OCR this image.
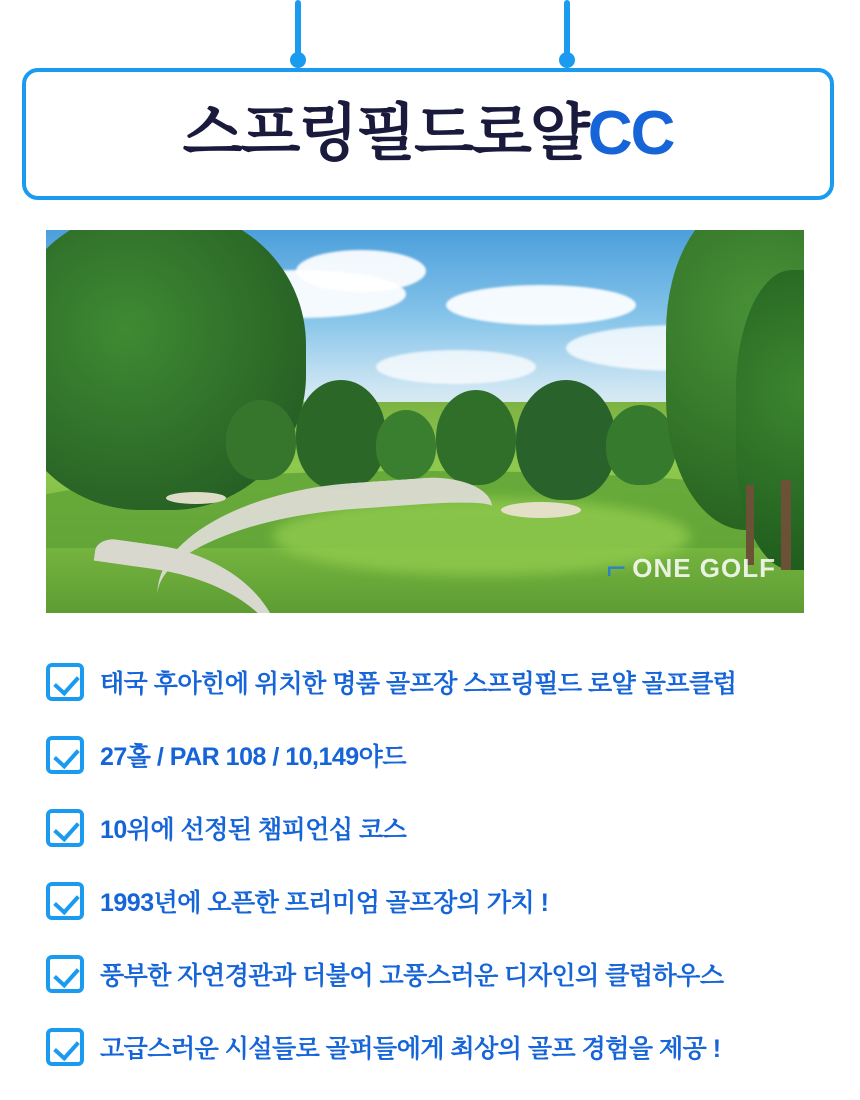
스프링필드로얄CC
⌐ ONE GOLF
태국 후아힌에 위치한 명품 골프장 스프링필드 로얄 골프클럽
27홀 / PAR 108 / 10,149야드
10위에 선정된 챔피언십 코스
1993년에 오픈한 프리미엄 골프장의 가치 !
풍부한 자연경관과 더불어 고풍스러운 디자인의 클럽하우스
고급스러운 시설들로 골퍼들에게 최상의 골프 경험을 제공 !
